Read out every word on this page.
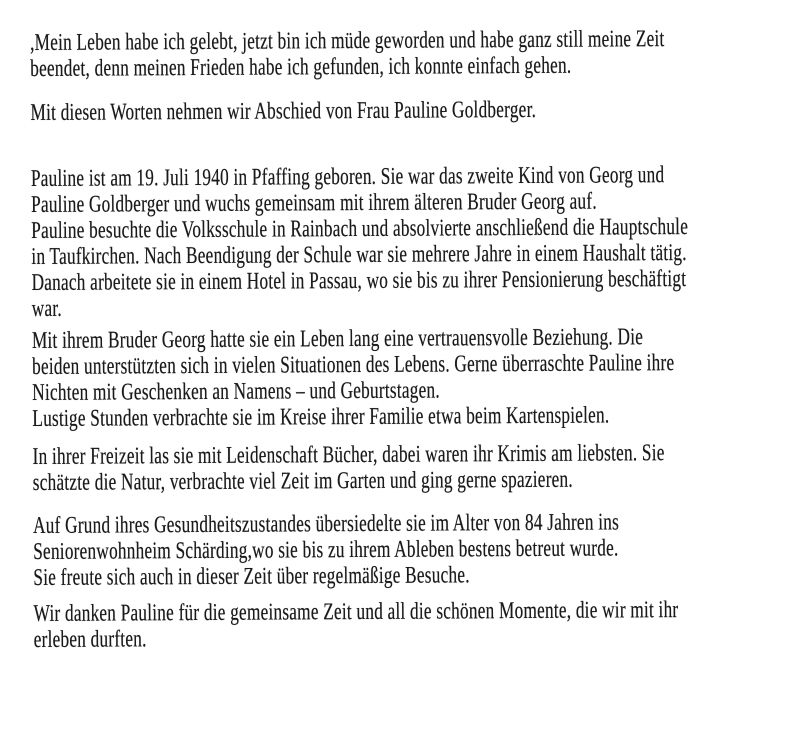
,Mein Leben habe ich gelebt, jetzt bin ich müde geworden und habe ganz still meine Zeit
beendet, denn meinen Frieden habe ich gefunden, ich konnte einfach gehen.
Mit diesen Worten nehmen wir Abschied von Frau Pauline Goldberger.
Pauline ist am 19. Juli 1940 in Pfaffing geboren. Sie war das zweite Kind von Georg und
Pauline Goldberger und wuchs gemeinsam mit ihrem älteren Bruder Georg auf.
Pauline besuchte die Volksschule in Rainbach und absolvierte anschließend die Hauptschule
in Taufkirchen. Nach Beendigung der Schule war sie mehrere Jahre in einem Haushalt tätig.
Danach arbeitete sie in einem Hotel in Passau, wo sie bis zu ihrer Pensionierung beschäftigt
war.
Mit ihrem Bruder Georg hatte sie ein Leben lang eine vertrauensvolle Beziehung. Die
beiden unterstützten sich in vielen Situationen des Lebens. Gerne überraschte Pauline ihre
Nichten mit Geschenken an Namens – und Geburtstagen.
Lustige Stunden verbrachte sie im Kreise ihrer Familie etwa beim Kartenspielen.
In ihrer Freizeit las sie mit Leidenschaft Bücher, dabei waren ihr Krimis am liebsten. Sie
schätzte die Natur, verbrachte viel Zeit im Garten und ging gerne spazieren.
Auf Grund ihres Gesundheitszustandes übersiedelte sie im Alter von 84 Jahren ins
Seniorenwohnheim Schärding,wo sie bis zu ihrem Ableben bestens betreut wurde.
Sie freute sich auch in dieser Zeit über regelmäßige Besuche.
Wir danken Pauline für die gemeinsame Zeit und all die schönen Momente, die wir mit ihr
erleben durften.
